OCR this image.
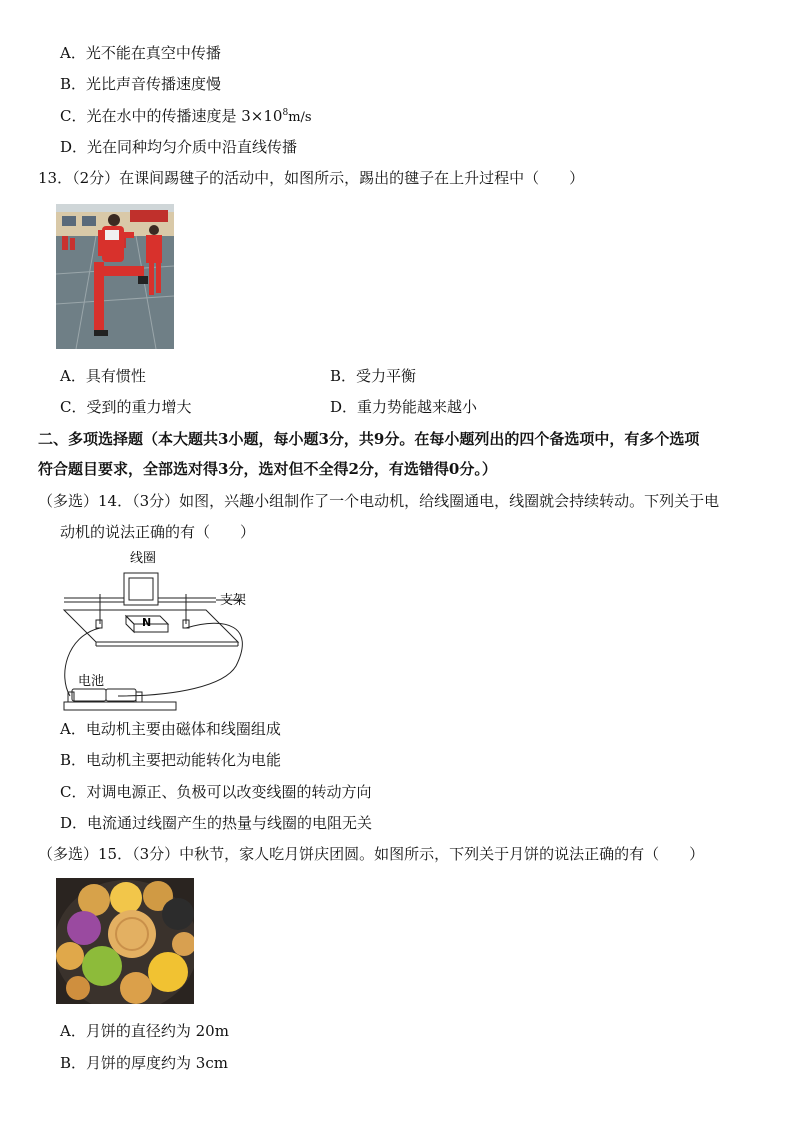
A．光不能在真空中传播
B．光比声音传播速度慢
C．光在水中的传播速度是 $3\times 10^8m/s$
D．光在同种均匀介质中沿直线传播
13．（2分）在课间踢毽子的活动中，如图所示，踢出的毽子在上升过程中（　　）
A．具有惯性	B．受力平衡
C．受到的重力增大	D．重力势能越来越小
二、多项选择题（本大题共3小题，每小题3分，共9分。在每小题列出的四个备选项中，有多个选项
符合题目要求，全部选对得3分，选对但不全得2分，有选错得0分。）
（多选）14．（3分）如图，兴趣小组制作了一个电动机，给线圈通电，线圈就会持续转动。下列关于电
动机的说法正确的有（　　）
线圈
支架
N
电池
A．电动机主要由磁体和线圈组成
B．电动机主要把动能转化为电能
C．对调电源正、负极可以改变线圈的转动方向
D．电流通过线圈产生的热量与线圈的电阻无关
（多选）15．（3分）中秋节，家人吃月饼庆团圆。如图所示，下列关于月饼的说法正确的有（　　）
A．月饼的直径约为 20m
B．月饼的厚度约为 3cm
